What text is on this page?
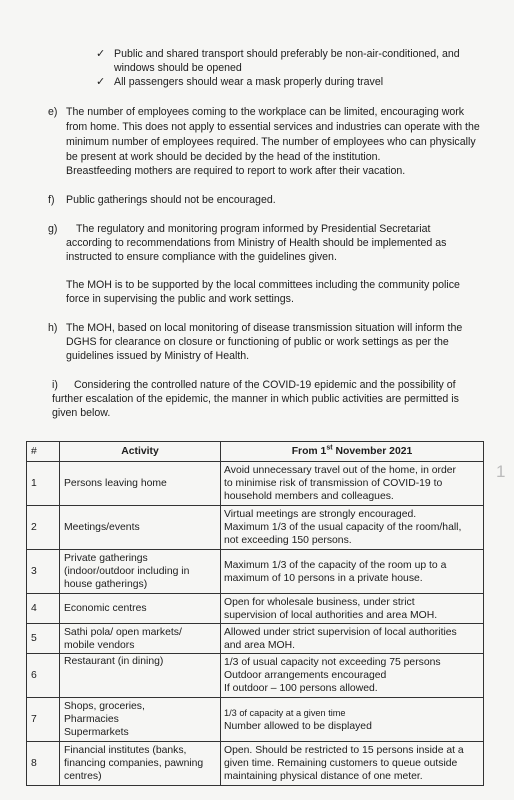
✓ Public and shared transport should preferably be non-air-conditioned, and
windows should be opened
✓ All passengers should wear a mask properly during travel
e) The number of employees coming to the workplace can be limited, encouraging work
from home. This does not apply to essential services and industries can operate with the
minimum number of employees required. The number of employees who can physically
be present at work should be decided by the head of the institution.
Breastfeeding mothers are required to report to work after their vacation.
f) Public gatherings should not be encouraged.
g) The regulatory and monitoring program informed by Presidential Secretariat
according to recommendations from Ministry of Health should be implemented as
instructed to ensure compliance with the guidelines given.
The MOH is to be supported by the local committees including the community police
force in supervising the public and work settings.
h) The MOH, based on local monitoring of disease transmission situation will inform the
DGHS for clearance on closure or functioning of public or work settings as per the
guidelines issued by Ministry of Health.
i) Considering the controlled nature of the COVID-19 epidemic and the possibility of
further escalation of the epidemic, the manner in which public activities are permitted is
given below.
#	Activity	From 1st November 2021
1	Persons leaving home	Avoid unnecessary travel out of the home, in order
to minimise risk of transmission of COVID-19 to
household members and colleagues.

2	Meetings/events	Virtual meetings are strongly encouraged.
Maximum 1/3 of the usual capacity of the room/hall,
not exceeding 150 persons.

3	Private gatherings
(indoor/outdoor including in
house gatherings)	Maximum 1/3 of the capacity of the room up to a
maximum of 10 persons in a private house.

4	Economic centres	Open for wholesale business, under strict
supervision of local authorities and area MOH.

5	Sathi pola/ open markets/
mobile vendors	Allowed under strict supervision of local authorities
and area MOH.

6	Restaurant (in dining)	1/3 of usual capacity not exceeding 75 persons
Outdoor arrangements encouraged
If outdoor – 100 persons allowed.

7	Shops, groceries,
Pharmacies
Supermarkets	1/3 of capacity at a given time
Number allowed to be displayed

8	Financial institutes (banks,
financing companies, pawning
centres)	Open. Should be restricted to 15 persons inside at a
given time. Remaining customers to queue outside
maintaining physical distance of one meter.
1
